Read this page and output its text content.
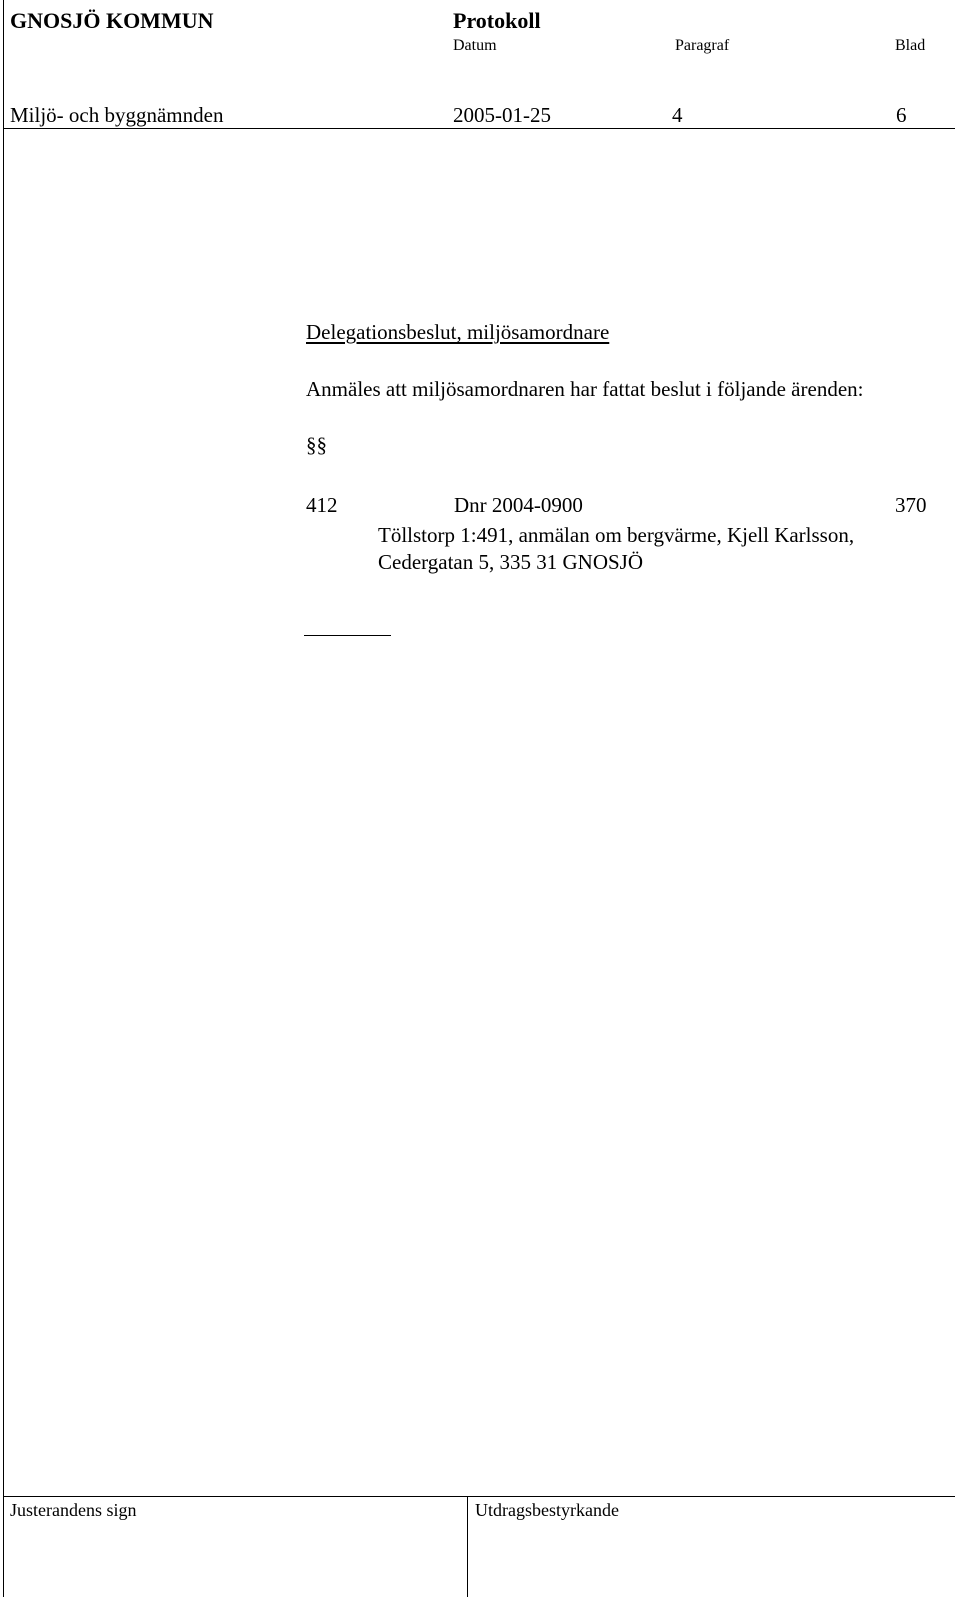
GNOSJÖ KOMMUN	Protokoll
Datum	Paragraf	Blad
Miljö- och byggnämnden	2005-01-25	4	6
Delegationsbeslut, miljösamordnare
Anmäles att miljösamordnaren har fattat beslut i följande ärenden:
§§
412	Dnr 2004-0900	370
Töllstorp 1:491, anmälan om bergvärme, Kjell Karlsson,
Cedergatan 5, 335 31 GNOSJÖ
Justerandens sign	Utdragsbestyrkande
